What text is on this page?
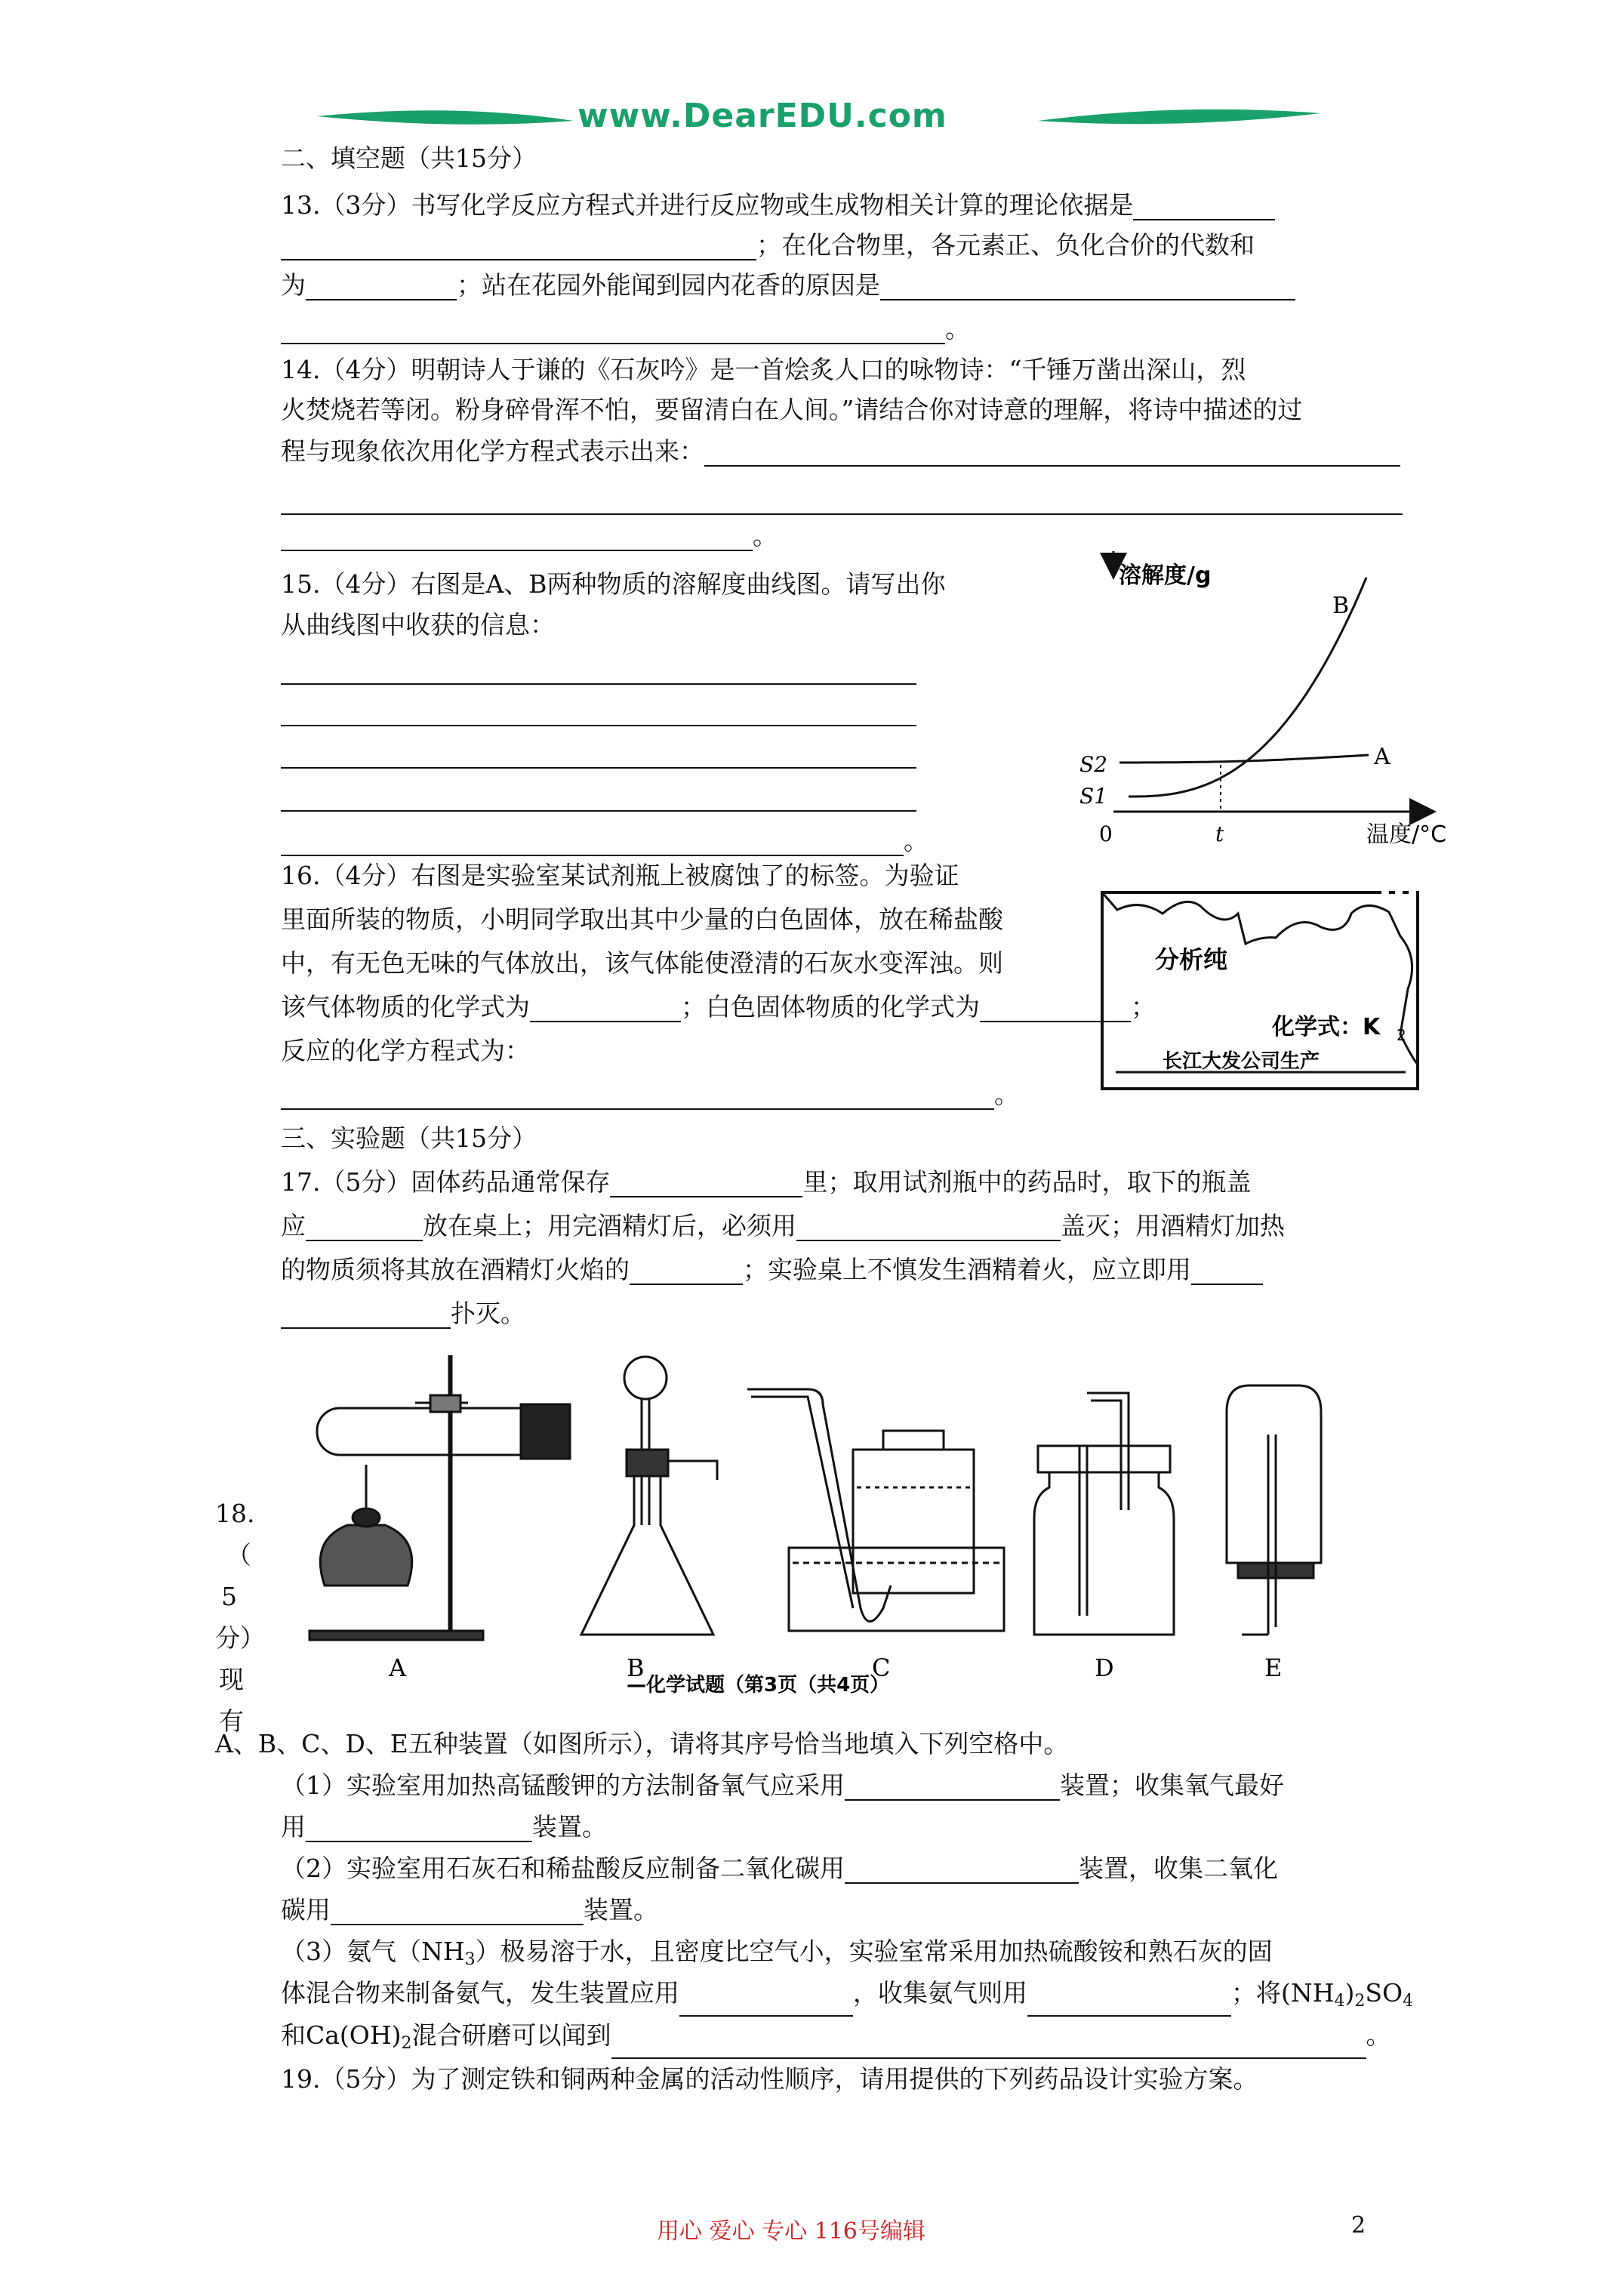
www.DearEDU.com
二、填空题（共15分）
13.（3分）书写化学反应方程式并进行反应物或生成物相关计算的理论依据是
；在化合物里，各元素正、负化合价的代数和
为	；站在花园外能闻到园内花香的原因是
。
14.（4分）明朝诗人于谦的《石灰吟》是一首烩炙人口的咏物诗：“千锤万凿出深山，烈
火焚烧若等闭。粉身碎骨浑不怕，要留清白在人间。”请结合你对诗意的理解，将诗中描述的过
程与现象依次用化学方程式表示出来：
。
15.（4分）右图是A、B两种物质的溶解度曲线图。请写出你
从曲线图中收获的信息：
。
溶解度/g
温度/°C
0	t
S2
S1
B
A
16.（4分）右图是实验室某试剂瓶上被腐蚀了的标签。为验证
里面所装的物质，小明同学取出其中少量的白色固体，放在稀盐酸
中，有无色无味的气体放出，该气体能使澄清的石灰水变浑浊。则
该气体物质的化学式为	；白色固体物质的化学式为	；
反应的化学方程式为：
。
分析纯
化学式：K 2
长江大发公司生产
三、实验题（共15分）
17.（5分）固体药品通常保存	里；取用试剂瓶中的药品时，取下的瓶盖
应	放在桌上；用完酒精灯后，必须用	盖灭；用酒精灯加热
的物质须将其放在酒精灯火焰的	；实验桌上不慎发生酒精着火，应立即用
扑灭。
18.
（
5
分）
现
有
A	B	C	D	E
—化学试题（第3页（共4页）
A、B、C、D、E五种装置（如图所示），请将其序号恰当地填入下列空格中。
（1）实验室用加热高锰酸钾的方法制备氧气应采用	装置；收集氧气最好
用	装置。
（2）实验室用石灰石和稀盐酸反应制备二氧化碳用	装置，收集二氧化
碳用	装置。
（3）氨气$(NH_3)$极易溶于水，且密度比空气小，实验室常采用加热硫酸铵和熟石灰的固
体混合物来制备氨气，发生装置应用	，收集氨气则用	；将$(NH_4)_2SO_4$
和$Ca(OH)_2$混合研磨可以闻到	。
19.（5分）为了测定铁和铜两种金属的活动性顺序，请用提供的下列药品设计实验方案。
用心 爱心 专心 116号编辑	2
